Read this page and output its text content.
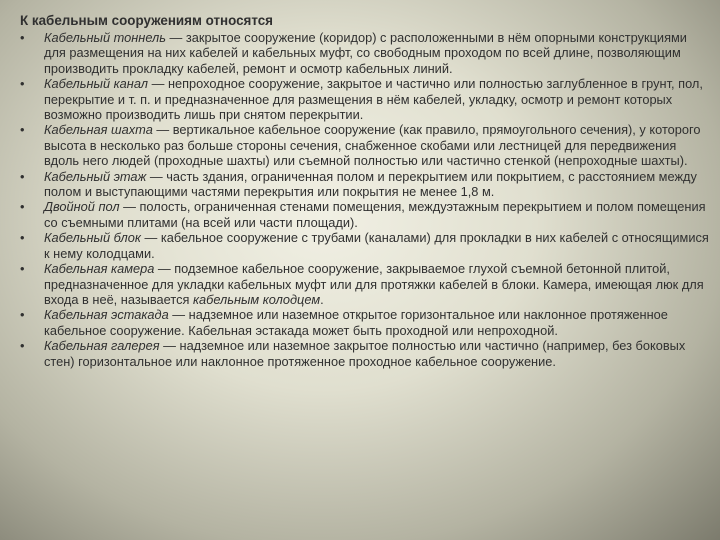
К кабельным сооружениям относятся
•	Кабельный тоннель — закрытое сооружение (коридор) с расположенными в нём опорными конструкциями для размещения на них кабелей и кабельных муфт, со свободным проходом по всей длине, позволяющим производить прокладку кабелей, ремонт и осмотр кабельных линий.
•	Кабельный канал — непроходное сооружение, закрытое и частично или полностью заглубленное в грунт, пол, перекрытие и т. п. и предназначенное для размещения в нём кабелей, укладку, осмотр и ремонт которых возможно производить лишь при снятом перекрытии.
•	Кабельная шахта — вертикальное кабельное сооружение (как правило, прямоугольного сечения), у которого высота в несколько раз больше стороны сечения, снабженное скобами или лестницей для передвижения вдоль него людей (проходные шахты) или съемной полностью или частично стенкой (непроходные шахты).
•	Кабельный этаж — часть здания, ограниченная полом и перекрытием или покрытием, с расстоянием между полом и выступающими частями перекрытия или покрытия не менее 1,8 м.
•	Двойной пол — полость, ограниченная стенами помещения, междуэтажным перекрытием и полом помещения со съемными плитами (на всей или части площади).
•	Кабельный блок — кабельное сооружение с трубами (каналами) для прокладки в них кабелей с относящимися к нему колодцами.
•	Кабельная камера — подземное кабельное сооружение, закрываемое глухой съемной бетонной плитой, предназначенное для укладки кабельных муфт или для протяжки кабелей в блоки. Камера, имеющая люк для входа в неё, называется кабельным колодцем.
•	Кабельная эстакада — надземное или наземное открытое горизонтальное или наклонное протяженное кабельное сооружение. Кабельная эстакада может быть проходной или непроходной.
•	Кабельная галерея — надземное или наземное закрытое полностью или частично (например, без боковых стен) горизонтальное или наклонное протяженное проходное кабельное сооружение.
